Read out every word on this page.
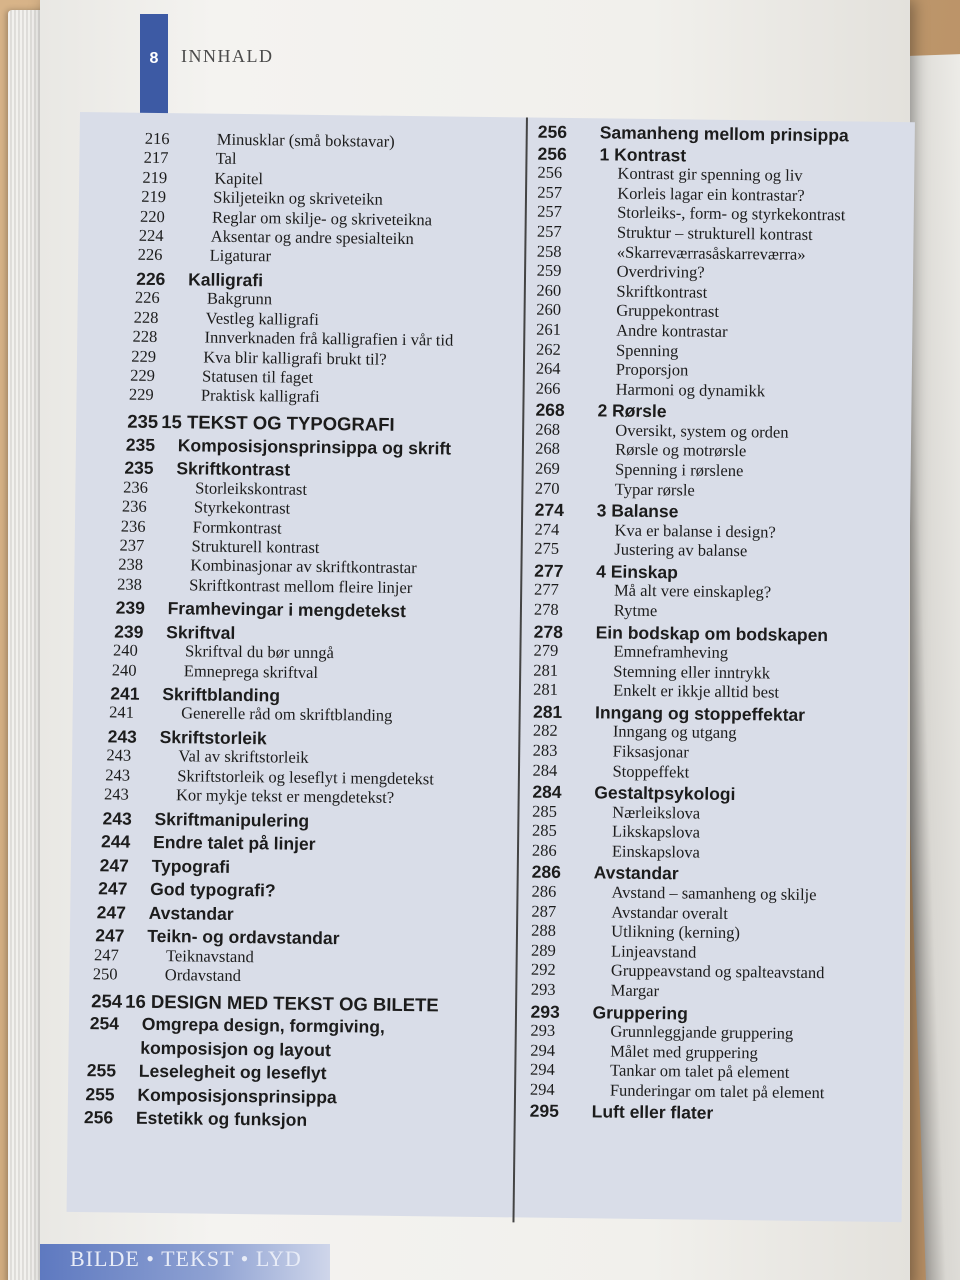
8	INNHALD
216	Minusklar (små bokstavar)
217	Tal
219	Kapitel
219	Skiljeteikn og skriveteikn
220	Reglar om skilje- og skriveteikna
224	Aksentar og andre spesialteikn
226	Ligaturar
226 Kalligrafi
226	Bakgrunn
228	Vestleg kalligrafi
228	Innverknaden frå kalligrafien i vår tid
229	Kva blir kalligrafi brukt til?
229	Statusen til faget
229	Praktisk kalligrafi
235 15 TEKST OG TYPOGRAFI
235 Komposisjonsprinsippa og skrift
235 Skriftkontrast
236	Storleikskontrast
236	Styrkekontrast
236	Formkontrast
237	Strukturell kontrast
238	Kombinasjonar av skriftkontrastar
238	Skriftkontrast mellom fleire linjer
239 Framhevingar i mengdetekst
239 Skriftval
240	Skriftval du bør unngå
240	Emneprega skriftval
241 Skriftblanding
241	Generelle råd om skriftblanding
243 Skriftstorleik
243	Val av skriftstorleik
243	Skriftstorleik og leseflyt i mengdetekst
243	Kor mykje tekst er mengdetekst?
243 Skriftmanipulering
244 Endre talet på linjer
247 Typografi
247 God typografi?
247 Avstandar
247 Teikn- og ordavstandar
247	Teiknavstand
250	Ordavstand
254 16 DESIGN MED TEKST OG BILETE
254 Omgrepa design, formgiving,
komposisjon og layout
255 Leselegheit og leseflyt
255 Komposisjonsprinsippa
256 Estetikk og funksjon
256 Samanheng mellom prinsippa
256 1 Kontrast
256	Kontrast gir spenning og liv
257	Korleis lagar ein kontrastar?
257	Storleiks-, form- og styrkekontrast
257	Struktur – strukturell kontrast
258	«Skarreværrasåskarreværra»
259	Overdriving?
260	Skriftkontrast
260	Gruppekontrast
261	Andre kontrastar
262	Spenning
264	Proporsjon
266	Harmoni og dynamikk
268 2 Rørsle
268	Oversikt, system og orden
268	Rørsle og motrørsle
269	Spenning i rørslene
270	Typar rørsle
274 3 Balanse
274	Kva er balanse i design?
275	Justering av balanse
277 4 Einskap
277	Må alt vere einskapleg?
278	Rytme
278 Ein bodskap om bodskapen
279	Emneframheving
281	Stemning eller inntrykk
281	Enkelt er ikkje alltid best
281 Inngang og stoppeffektar
282	Inngang og utgang
283	Fiksasjonar
284	Stoppeffekt
284 Gestaltpsykologi
285	Nærleikslova
285	Likskapslova
286	Einskapslova
286 Avstandar
286	Avstand – samanheng og skilje
287	Avstandar overalt
288	Utlikning (kerning)
289	Linjeavstand
292	Gruppeavstand og spalteavstand
293	Margar
293 Gruppering
293	Grunnleggjande gruppering
294	Målet med gruppering
294	Tankar om talet på element
294	Funderingar om talet på element
295 Luft eller flater
BILDE • TEKST • LYD
